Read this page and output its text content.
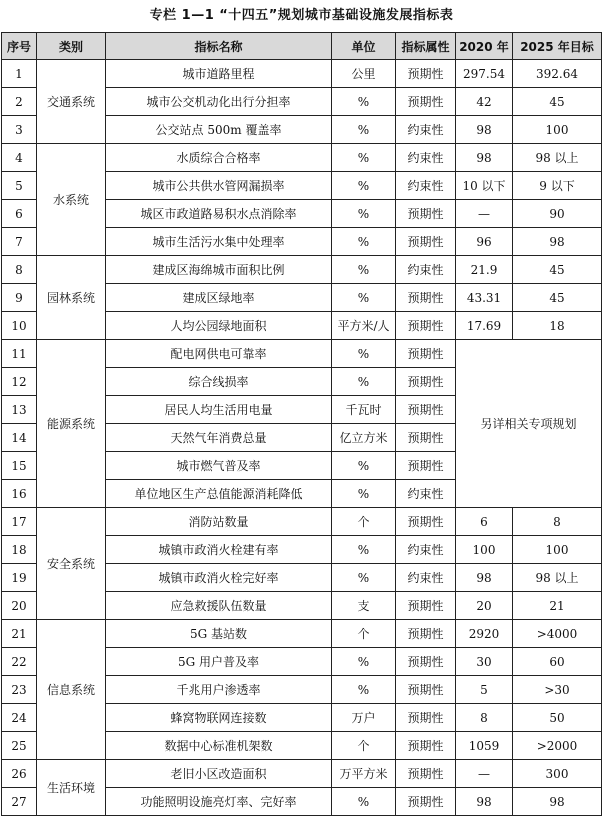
专栏 1—1 “十四五”规划城市基础设施发展指标表
序号	类别	指标名称	单位	指标属性	2020 年	2025 年目标
1	交通系统	城市道路里程	公里	预期性	297.54	392.64
2		城市公交机动化出行分担率	%	预期性	42	45
3		公交站点 500m 覆盖率	%	约束性	98	100
4	水系统	水质综合合格率	%	约束性	98	98 以上
5		城市公共供水管网漏损率	%	约束性	10 以下	9 以下
6		城区市政道路易积水点消除率	%	预期性	—	90
7		城市生活污水集中处理率	%	预期性	96	98
8	园林系统	建成区海绵城市面积比例	%	约束性	21.9	45
9		建成区绿地率	%	预期性	43.31	45
10		人均公园绿地面积	平方米/人	预期性	17.69	18
11	能源系统	配电网供电可靠率	%	预期性	另详相关专项规划	
12		综合线损率	%	预期性		
13		居民人均生活用电量	千瓦时	预期性		
14		天然气年消费总量	亿立方米	预期性		
15		城市燃气普及率	%	预期性		
16		单位地区生产总值能源消耗降低	%	约束性		
17	安全系统	消防站数量	个	预期性	6	8
18		城镇市政消火栓建有率	%	约束性	100	100
19		城镇市政消火栓完好率	%	约束性	98	98 以上
20		应急救援队伍数量	支	预期性	20	21
21	信息系统	5G 基站数	个	预期性	2920	>4000
22		5G 用户普及率	%	预期性	30	60
23		千兆用户渗透率	%	预期性	5	>30
24		蜂窝物联网连接数	万户	预期性	8	50
25		数据中心标准机架数	个	预期性	1059	>2000
26	生活环境	老旧小区改造面积	万平方米	预期性	—	300
27		功能照明设施亮灯率、完好率	%	预期性	98	98
